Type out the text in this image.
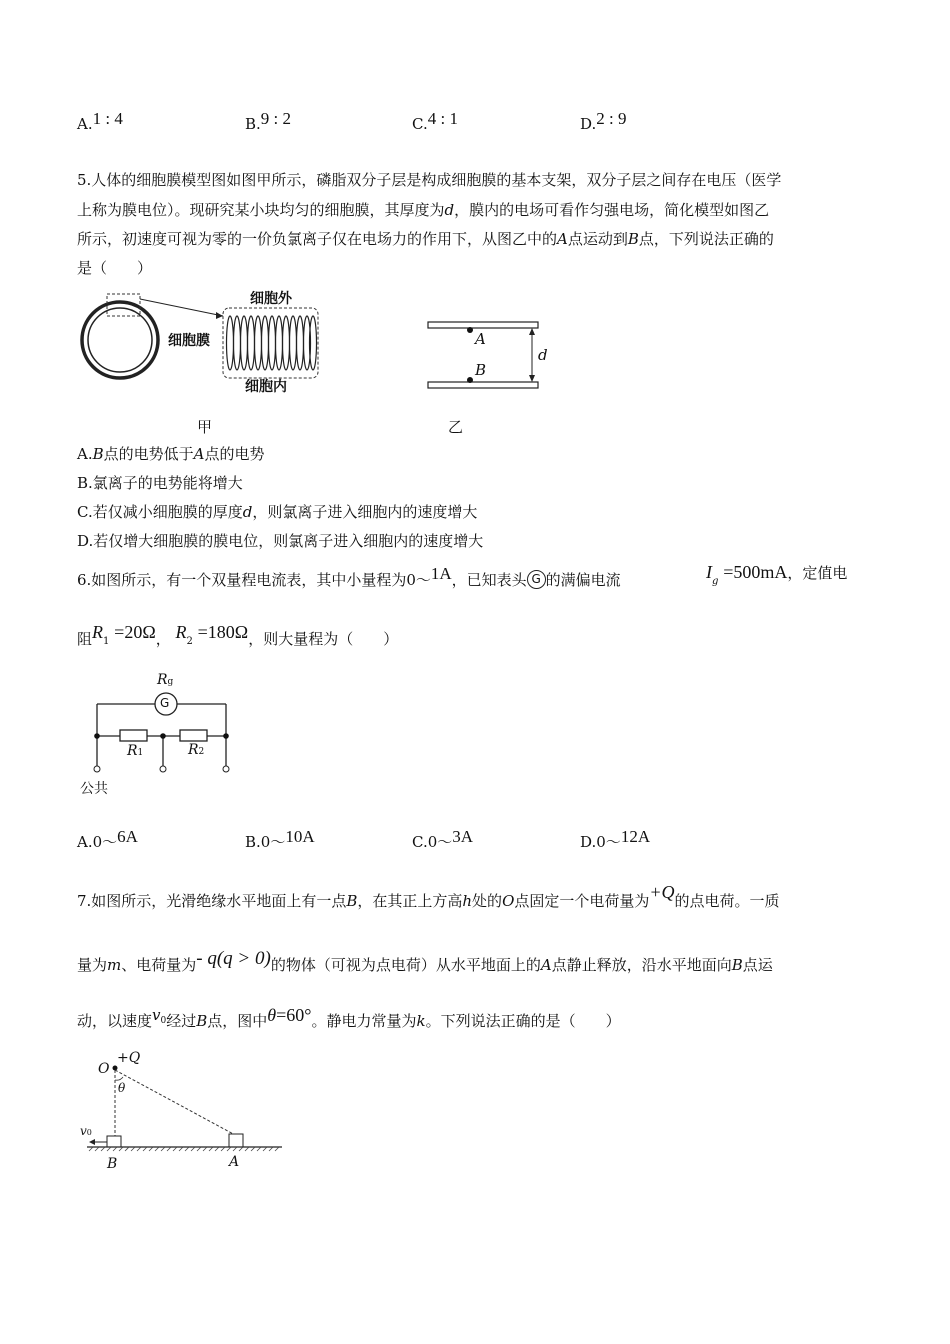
A.1 : 4	B.9 : 2	C.4 : 1	D.2 : 9
5.人体的细胞膜模型图如图甲所示，磷脂双分子层是构成细胞膜的基本支架，双分子层之间存在电压（医学
上称为膜电位）。现研究某小块均匀的细胞膜，其厚度为d，膜内的电场可看作匀强电场，简化模型如图乙
所示，初速度可视为零的一价负氯离子仅在电场力的作用下，从图乙中的A点运动到B点，下列说法正确的
是（　　）
细胞外
细胞膜
细胞内
甲
A
B
d
乙
A.B点的电势低于A点的电势
B.氯离子的电势能将增大
C.若仅减小细胞膜的厚度d，则氯离子进入细胞内的速度增大
D.若仅增大细胞膜的膜电位，则氯离子进入细胞内的速度增大
6.如图所示，有一个双量程电流表，其中小量程为0～1A，已知表头 G 的满偏电流	$I_g =500mA$，定值电
阻R1 =20Ω， R2 =180Ω，则大量程为（　　）
Rg
G
R1	R2
公共
A.0～6A	B.0～10A	C.0～3A	D.0～12A
7.如图所示，光滑绝缘水平地面上有一点B，在其正上方高h处的O点固定一个电荷量为+Q的点电荷。一质
量为m、电荷量为- q(q > 0)的物体（可视为点电荷）从水平地面上的A点静止释放，沿水平地面向B点运
动，以速度$v^0$经过B点，图中θ=60°。静电力常量为k。下列说法正确的是（　　）
O
+Q
θ
v0
B	A
